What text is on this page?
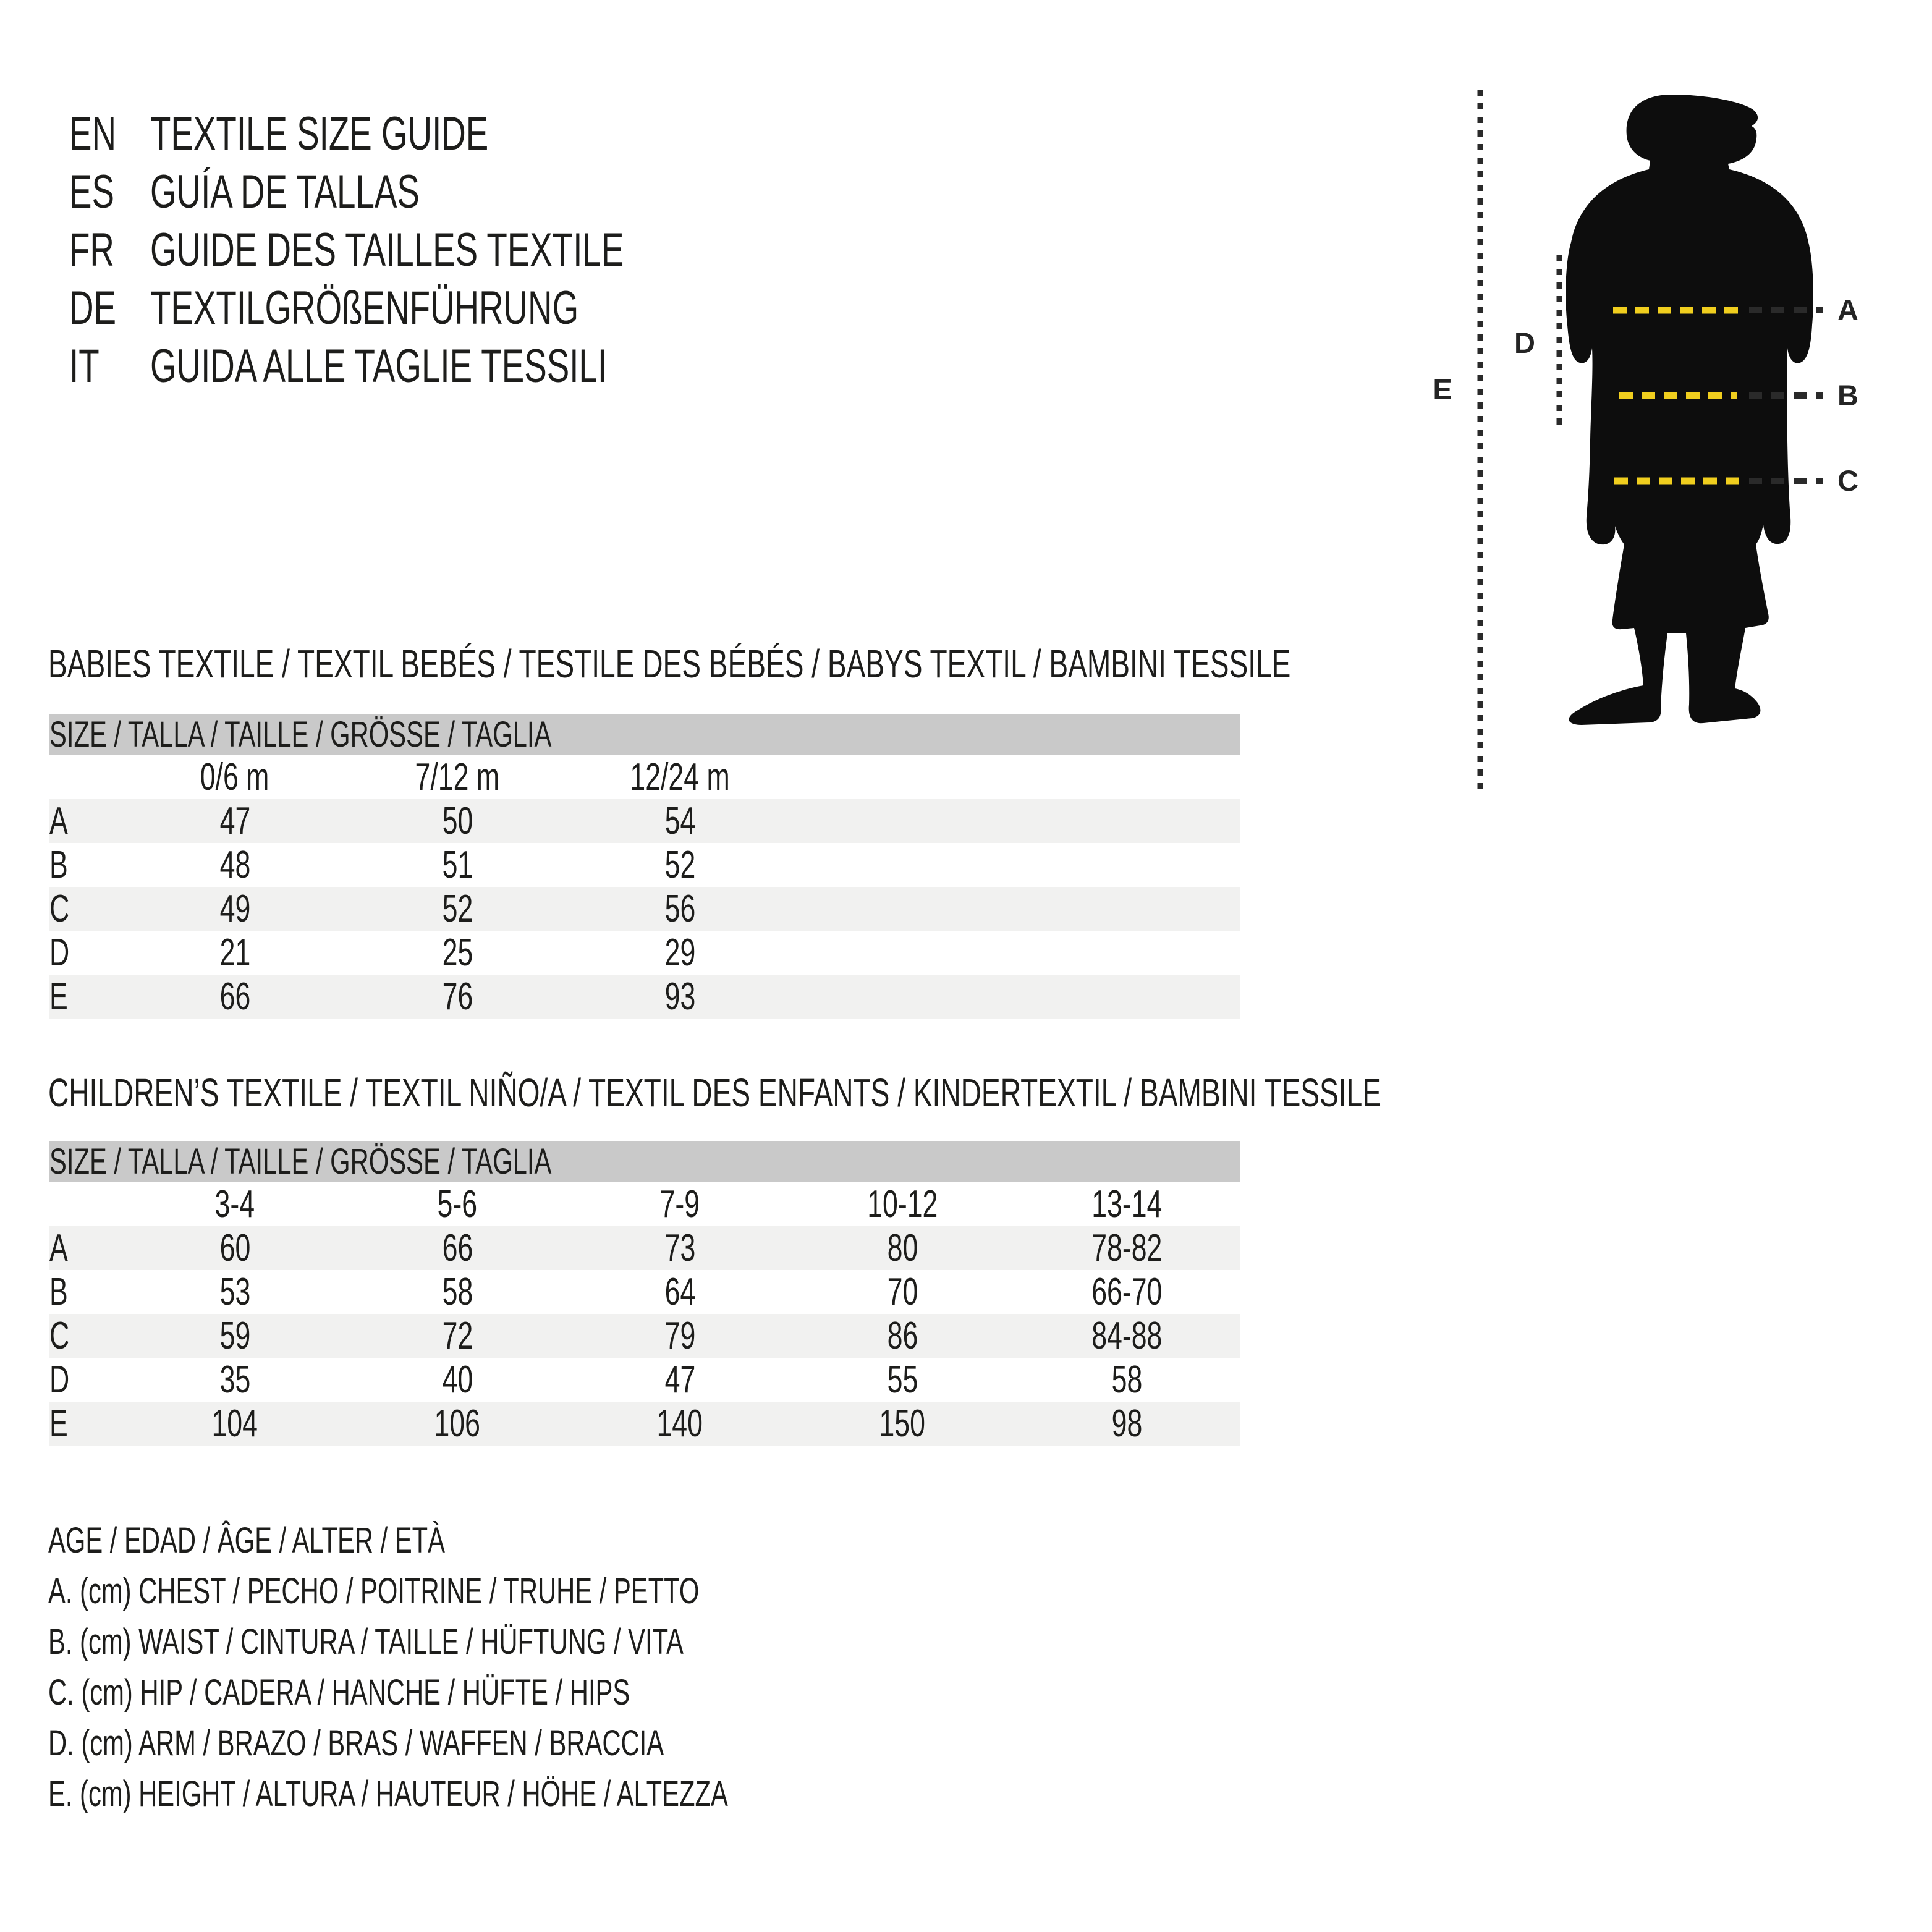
EN TEXTILE SIZE GUIDE
ES GUÍA DE TALLAS
FR GUIDE DES TAILLES TEXTILE
DE TEXTILGRÖßENFÜHRUNG
IT GUIDA ALLE TAGLIE TESSILI
A
B
C
D
E
BABIES TEXTILE / TEXTIL BEBÉS / TESTILE DES BÉBÉS / BABYS TEXTIL / BAMBINI TESSILE
SIZE / TALLA / TAILLE / GRÖSSE / TAGLIA					
	0/6 m	7/12 m	12/24 m		
A	47	50	54		
B	48	51	52		
C	49	52	56		
D	21	25	29		
E	66	76	93		
CHILDREN’S TEXTILE / TEXTIL NIÑO/A / TEXTIL DES ENFANTS / KINDERTEXTIL / BAMBINI TESSILE
SIZE / TALLA / TAILLE / GRÖSSE / TAGLIA					
	3-4	5-6	7-9	10-12	13-14
A	60	66	73	80	78-82
B	53	58	64	70	66-70
C	59	72	79	86	84-88
D	35	40	47	55	58
E	104	106	140	150	98
AGE / EDAD / ÂGE / ALTER / ETÀ
A. (cm) CHEST / PECHO / POITRINE / TRUHE / PETTO
B. (cm) WAIST / CINTURA / TAILLE / HÜFTUNG / VITA
C. (cm) HIP / CADERA / HANCHE / HÜFTE / HIPS
D. (cm) ARM / BRAZO / BRAS / WAFFEN / BRACCIA
E. (cm) HEIGHT / ALTURA / HAUTEUR / HÖHE / ALTEZZA
